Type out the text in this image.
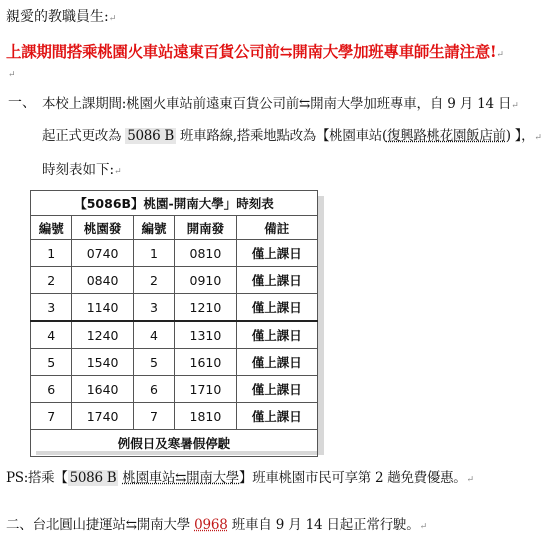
親愛的教職員生:↵
上課期間搭乘桃園火車站遠東百貨公司前⇆開南大學加班專車師生請注意!↵
↵
一、 本校上課期間:桃園火車站前遠東百貨公司前⇆開南大學加班專車，自 9 月 14 日↵
起正式更改為 5086 B 班車路線,搭乘地點改為【桃園車站(復興路桃花園飯店前) 】，↵
時刻表如下:↵
【5086B】桃園-開南大學」時刻表				
編號	桃園發	編號	開南發	備註
1	0740	1	0810	僅上課日
2	0840	2	0910	僅上課日
3	1140	3	1210	僅上課日
4	1240	4	1310	僅上課日
5	1540	5	1610	僅上課日
6	1640	6	1710	僅上課日
7	1740	7	1810	僅上課日
例假日及寒暑假停駛				
PS:搭乘【 5086 B 桃園車站⇆開南大學】班車桃園市民可享第 2 趟免費優惠。↵
二、台北圓山捷運站⇆開南大學 0968 班車自 9 月 14 日起正常行駛。↵
